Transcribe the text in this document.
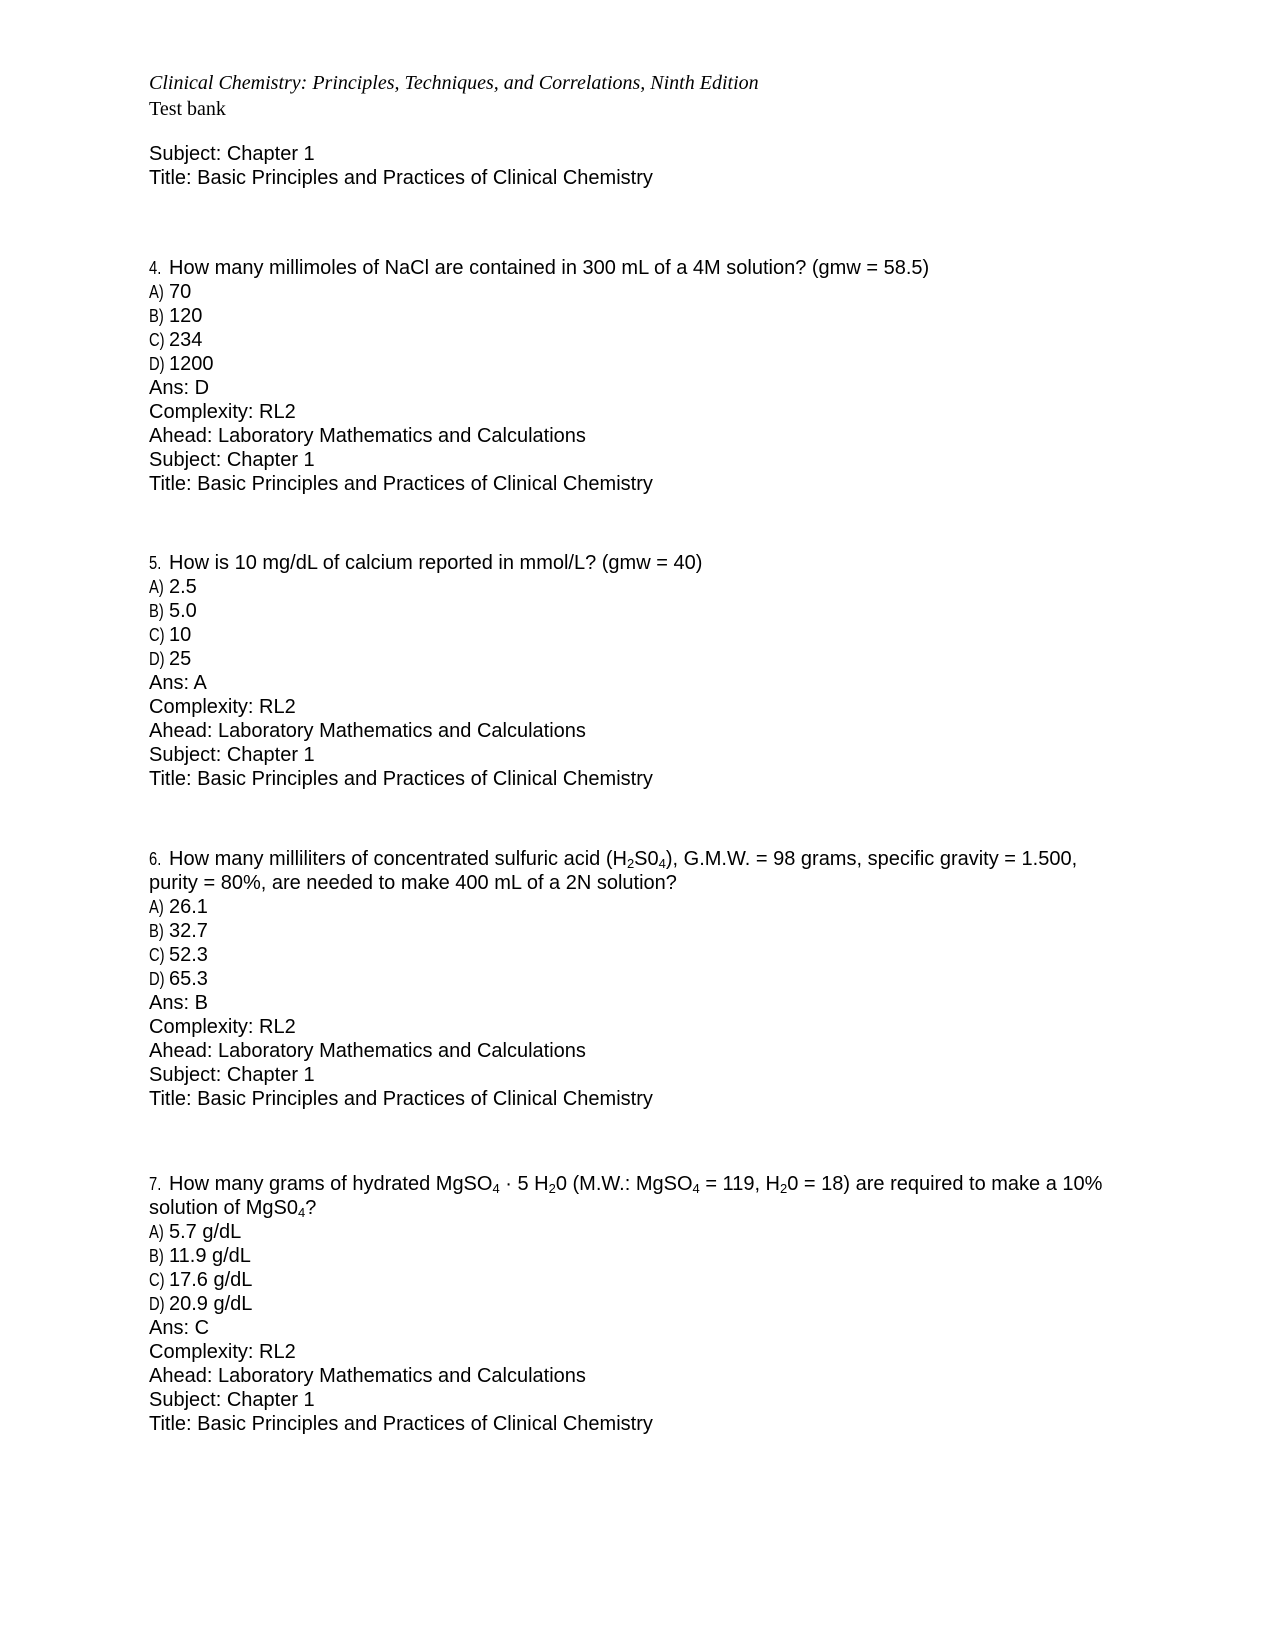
Clinical Chemistry: Principles, Techniques, and Correlations, Ninth Edition
Test bank
Subject: Chapter 1
Title: Basic Principles and Practices of Clinical Chemistry
4. How many millimoles of NaCl are contained in 300 mL of a 4M solution? (gmw = 58.5)
A) 70
B) 120
C) 234
D) 1200
Ans: D
Complexity: RL2
Ahead: Laboratory Mathematics and Calculations
Subject: Chapter 1
Title: Basic Principles and Practices of Clinical Chemistry
5. How is 10 mg/dL of calcium reported in mmol/L? (gmw = 40)
A) 2.5
B) 5.0
C) 10
D) 25
Ans: A
Complexity: RL2
Ahead: Laboratory Mathematics and Calculations
Subject: Chapter 1
Title: Basic Principles and Practices of Clinical Chemistry
6. How many milliliters of concentrated sulfuric acid $(H_2S0_4)$, G.M.W. = 98 grams, specific gravity = 1.500, purity = 80%, are needed to make 400 mL of a 2N solution?
A) 26.1
B) 32.7
C) 52.3
D) 65.3
Ans: B
Complexity: RL2
Ahead: Laboratory Mathematics and Calculations
Subject: Chapter 1
Title: Basic Principles and Practices of Clinical Chemistry
7. How many grams of hydrated MgSO$_4$ · 5 $H_20$ (M.W.: MgSO$_4$ = 119, $H_20 = 18$) are required to make a 10% solution of $MgS0_4$?
A) 5.7 g/dL
B) 11.9 g/dL
C) 17.6 g/dL
D) 20.9 g/dL
Ans: C
Complexity: RL2
Ahead: Laboratory Mathematics and Calculations
Subject: Chapter 1
Title: Basic Principles and Practices of Clinical Chemistry
